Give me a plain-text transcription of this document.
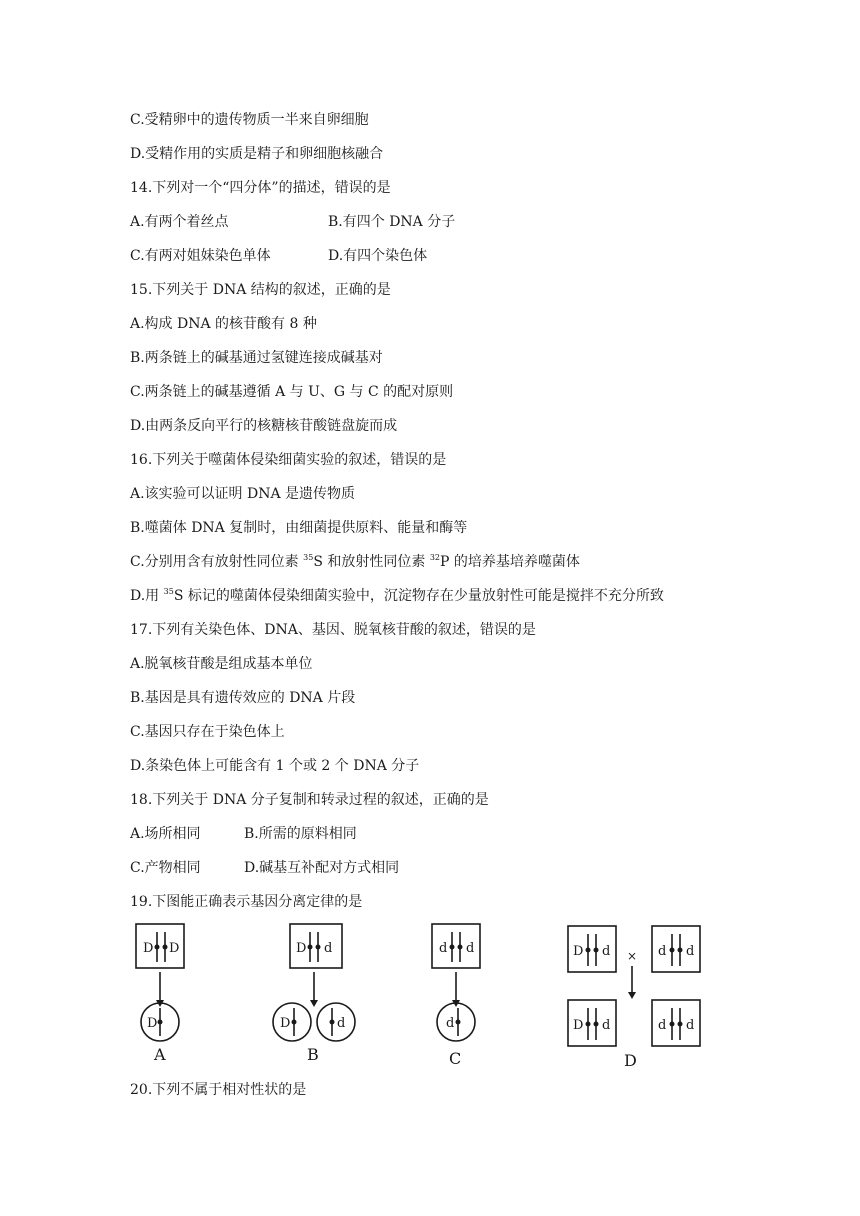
C.受精卵中的遗传物质一半来自卵细胞
D.受精作用的实质是精子和卵细胞核融合
14.下列对一个“四分体”的描述，错误的是
A.有两个着丝点	B.有四个 DNA 分子
C.有两对姐妹染色单体	D.有四个染色体
15.下列关于 DNA 结构的叙述，正确的是
A.构成 DNA 的核苷酸有 8 种
B.两条链上的碱基通过氢键连接成碱基对
C.两条链上的碱基遵循 A 与 U、G 与 C 的配对原则
D.由两条反向平行的核糖核苷酸链盘旋而成
16.下列关于噬菌体侵染细菌实验的叙述，错误的是
A.该实验可以证明 DNA 是遗传物质
B.噬菌体 DNA 复制时，由细菌提供原料、能量和酶等
C.分别用含有放射性同位素 $^{35}$S 和放射性同位素 $^{32}$P 的培养基培养噬菌体
D.用 $^{35}$S 标记的噬菌体侵染细菌实验中，沉淀物存在少量放射性可能是搅拌不充分所致
17.下列有关染色体、DNA、基因、脱氧核苷酸的叙述，错误的是
A.脱氧核苷酸是组成基本单位
B.基因是具有遗传效应的 DNA 片段
C.基因只存在于染色体上
D.条染色体上可能含有 1 个或 2 个 DNA 分子
18.下列关于 DNA 分子复制和转录过程的叙述，正确的是
A.场所相同	B.所需的原料相同
C.产物相同	D.碱基互补配对方式相同
19.下图能正确表示基因分离定律的是
D D
D
D d
D	d
d d
d
D d	d d
D d	d d
×
A	B	C	D
20.下列不属于相对性状的是
